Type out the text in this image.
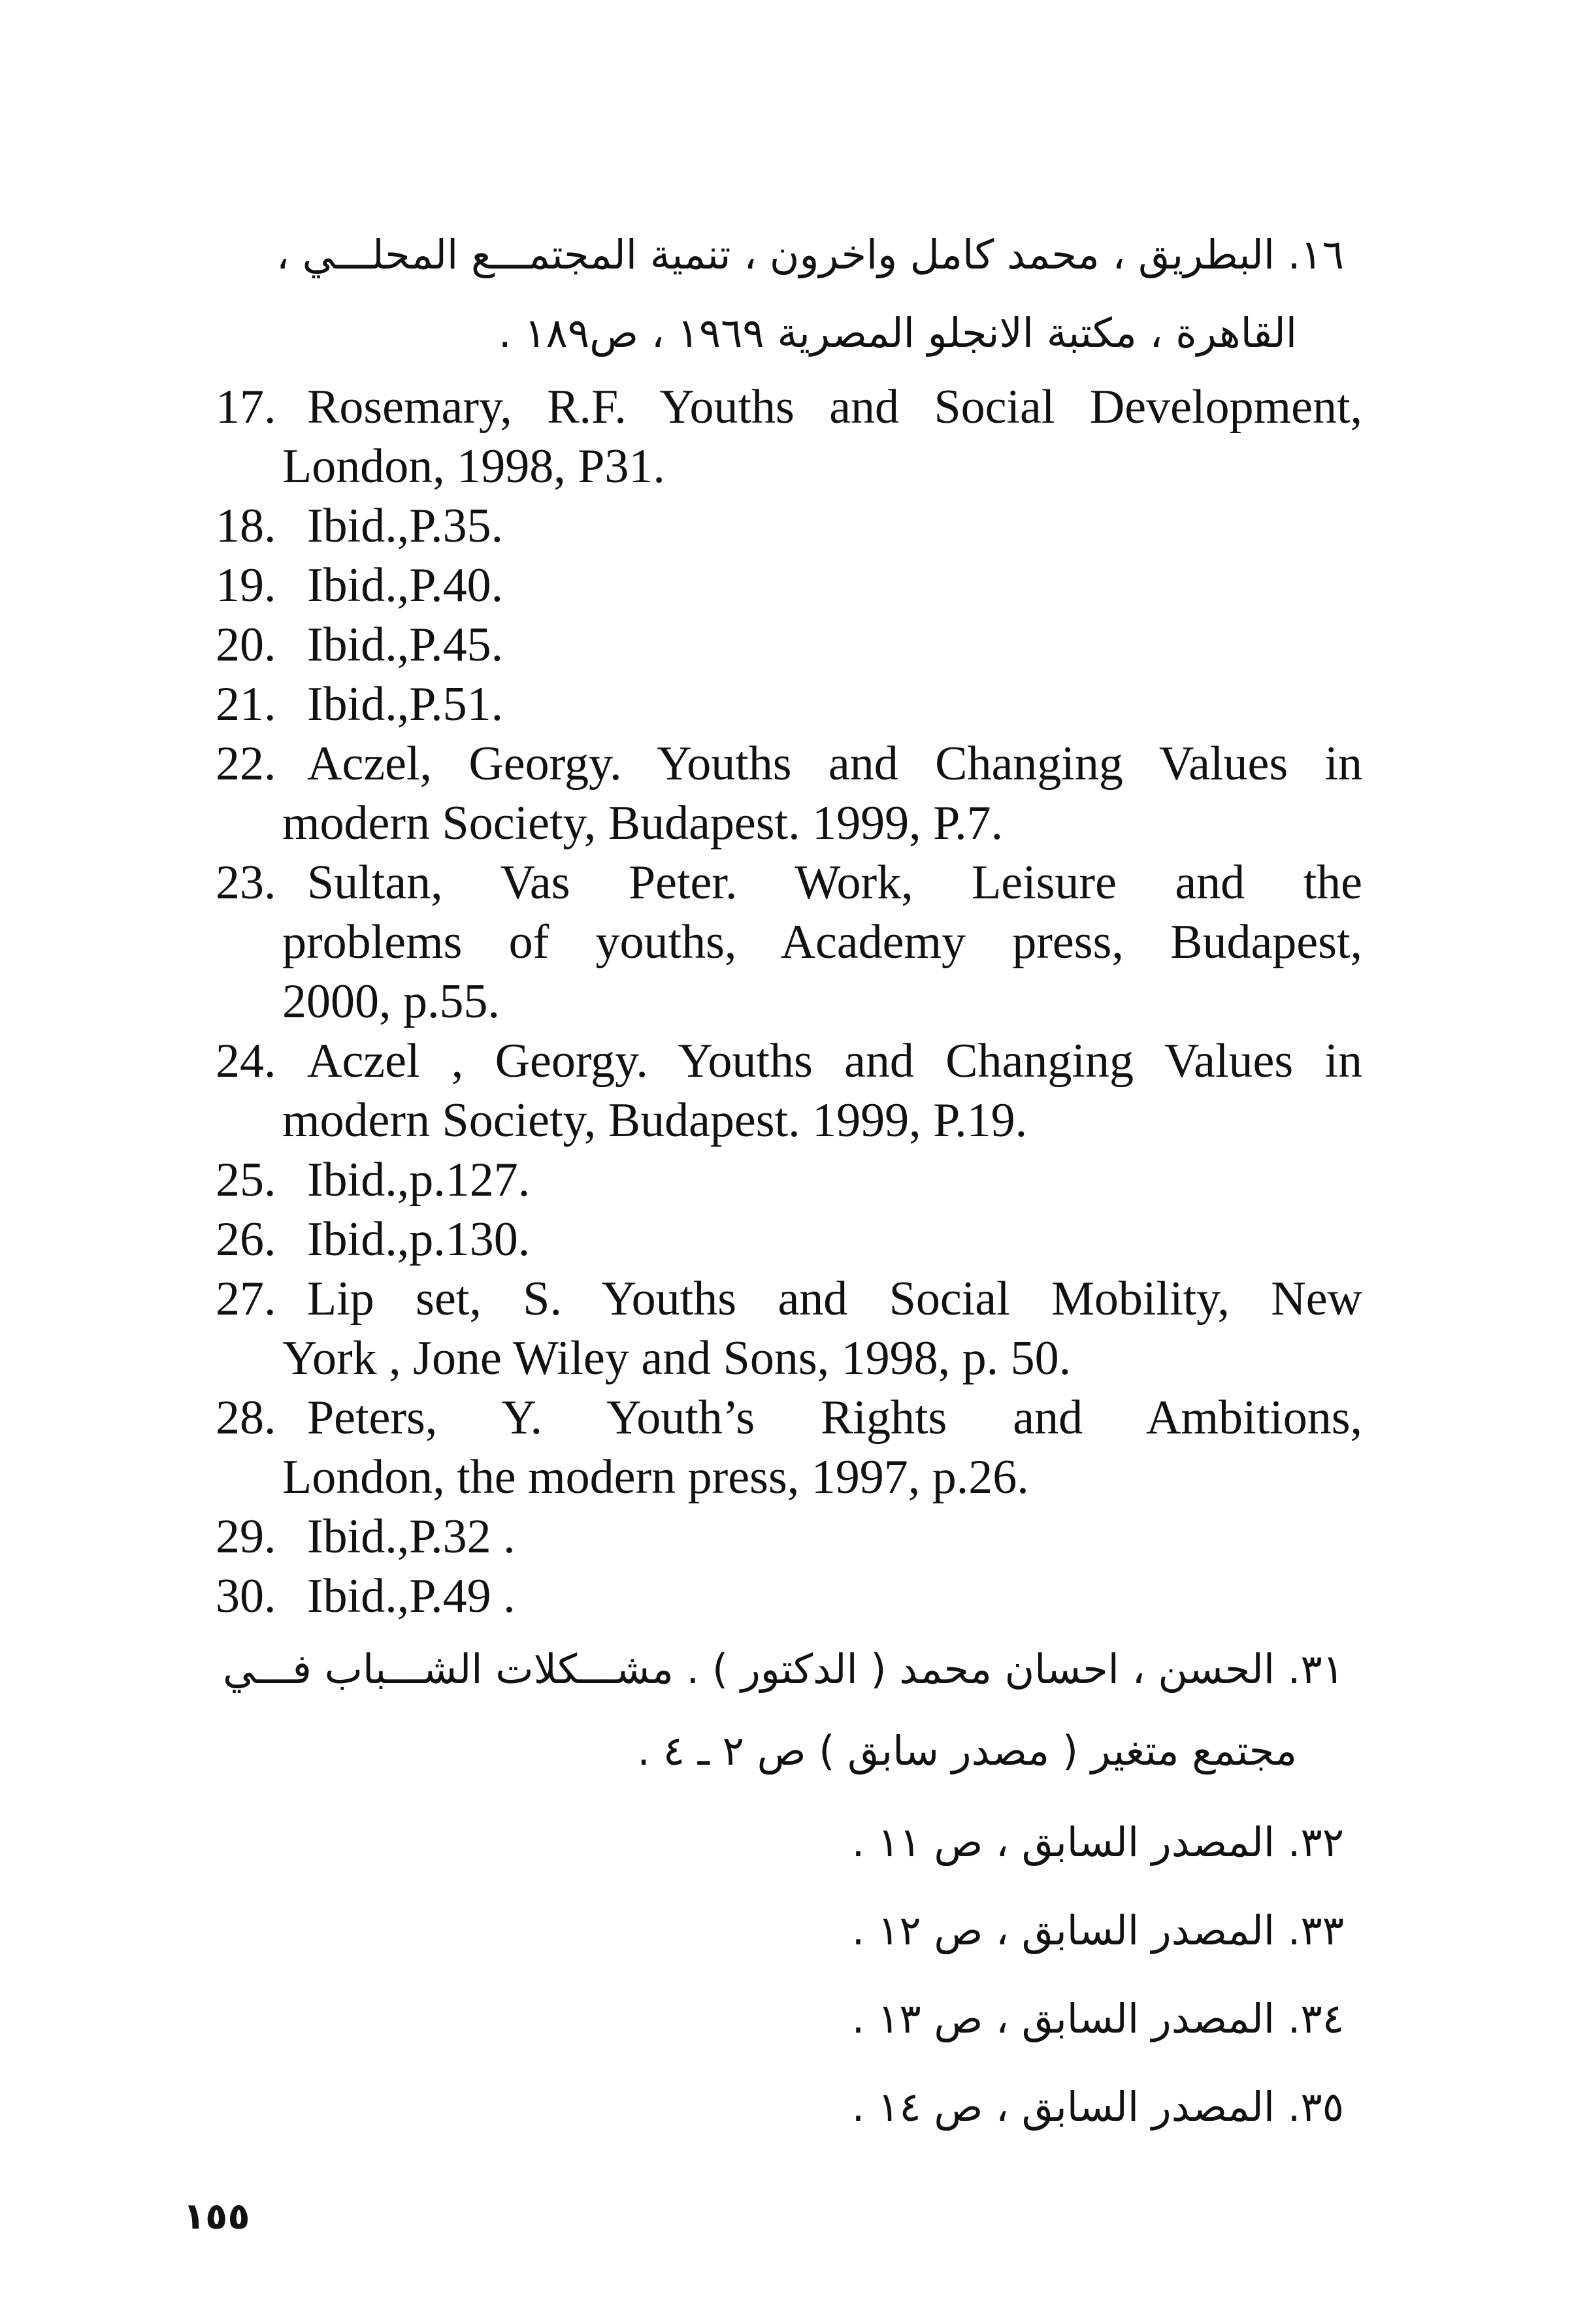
١٦. البطريق ، محمد كامل واخرون ، تنمية المجتمـــع المحلـــي ،
القاهرة ، مكتبة الانجلو المصرية ١٩٦٩ ، ص١٨٩ .
17. Rosemary, R.F. Youths and Social Development,
London, 1998, P31.
18. Ibid.,P.35.
19. Ibid.,P.40.
20. Ibid.,P.45.
21. Ibid.,P.51.
22. Aczel, Georgy. Youths and Changing Values in
modern Society, Budapest. 1999, P.7.
23. Sultan, Vas Peter. Work, Leisure and the
problems of youths, Academy press, Budapest,
2000, p.55.
24. Aczel , Georgy. Youths and Changing Values in
modern Society, Budapest. 1999, P.19.
25. Ibid.,p.127.
26. Ibid.,p.130.
27. Lip set, S. Youths and Social Mobility, New
York , Jone Wiley and Sons, 1998, p. 50.
28. Peters, Y. Youth’s Rights and Ambitions,
London, the modern press, 1997, p.26.
29. Ibid.,P.32 .
30. Ibid.,P.49 .
٣١. الحسن ، احسان محمد ( الدكتور ) . مشـــكلات الشـــباب فـــي
مجتمع متغير ( مصدر سابق ) ص ٢ ـ ٤ .
٣٢. المصدر السابق ، ص ١١ .
٣٣. المصدر السابق ، ص ١٢ .
٣٤. المصدر السابق ، ص ١٣ .
٣٥. المصدر السابق ، ص ١٤ .
١٥٥
